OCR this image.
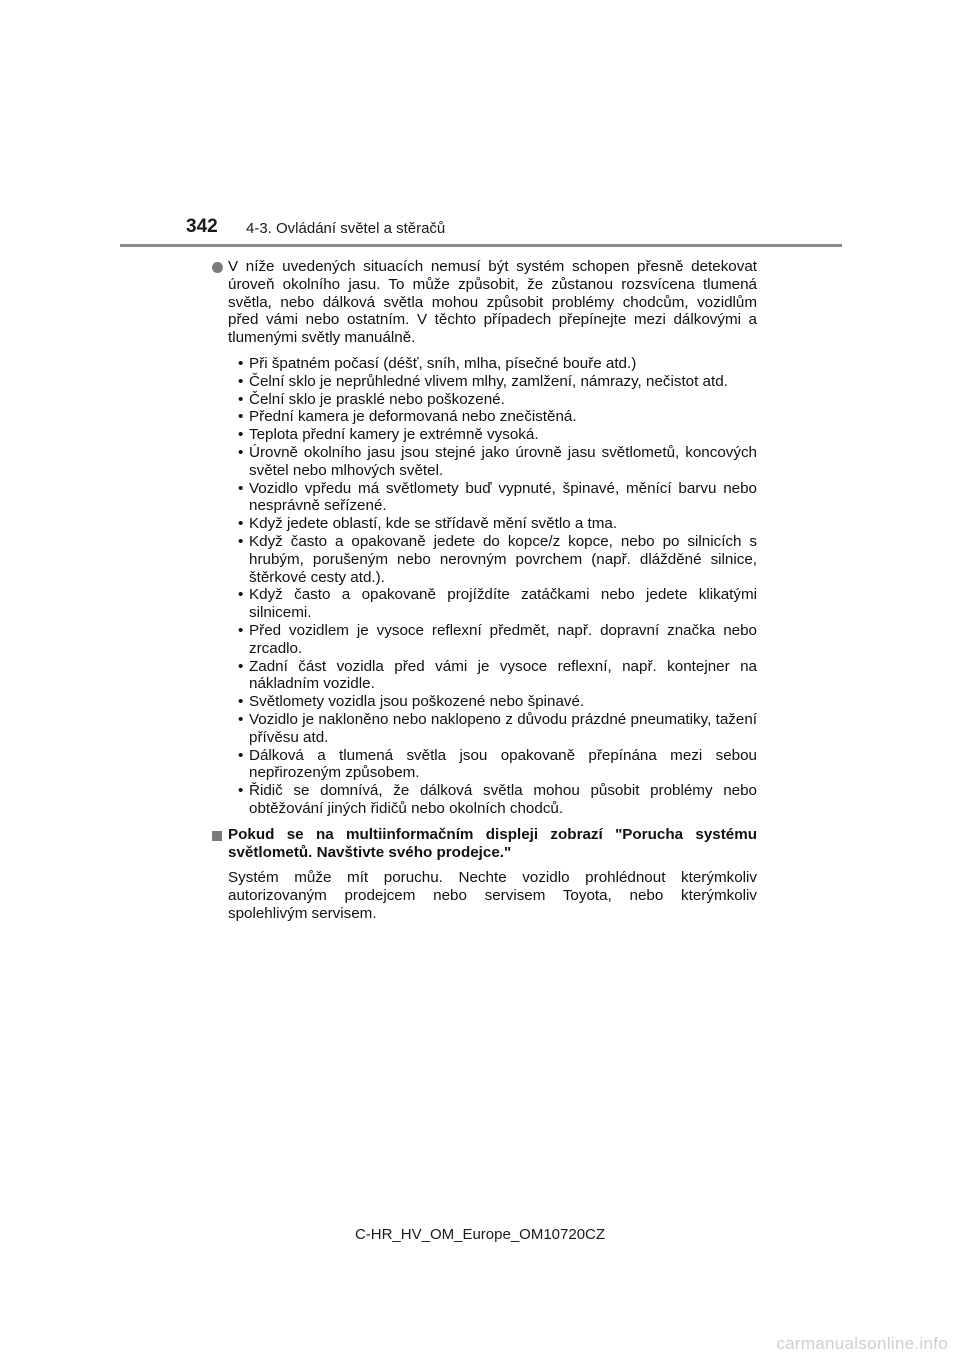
342 4-3. Ovládání světel a stěračů
V níže uvedených situacích nemusí být systém schopen přesně detekovat úroveň okolního jasu. To může způsobit, že zůstanou rozsvícena tlumená světla, nebo dálková světla mohou způsobit problémy chodcům, vozidlům před vámi nebo ostatním. V těchto případech přepínejte mezi dálkovými a tlumenými světly manuálně.
• Při špatném počasí (déšť, sníh, mlha, písečné bouře atd.)
• Čelní sklo je neprůhledné vlivem mlhy, zamlžení, námrazy, nečistot atd.
• Čelní sklo je prasklé nebo poškozené.
• Přední kamera je deformovaná nebo znečistěná.
• Teplota přední kamery je extrémně vysoká.
• Úrovně okolního jasu jsou stejné jako úrovně jasu světlometů, koncových světel nebo mlhových světel.
• Vozidlo vpředu má světlomety buď vypnuté, špinavé, měnící barvu nebo nesprávně seřízené.
• Když jedete oblastí, kde se střídavě mění světlo a tma.
• Když často a opakovaně jedete do kopce/z kopce, nebo po silnicích s hrubým, porušeným nebo nerovným povrchem (např. dlážděné silnice, štěrkové cesty atd.).
• Když často a opakovaně projíždíte zatáčkami nebo jedete klikatými silnicemi.
• Před vozidlem je vysoce reflexní předmět, např. dopravní značka nebo zrcadlo.
• Zadní část vozidla před vámi je vysoce reflexní, např. kontejner na nákladním vozidle.
• Světlomety vozidla jsou poškozené nebo špinavé.
• Vozidlo je nakloněno nebo naklopeno z důvodu prázdné pneumatiky, tažení přívěsu atd.
• Dálková a tlumená světla jsou opakovaně přepínána mezi sebou nepřirozeným způsobem.
• Řidič se domnívá, že dálková světla mohou působit problémy nebo obtěžování jiných řidičů nebo okolních chodců.
Pokud se na multiinformačním displeji zobrazí "Porucha systému světlometů. Navštivte svého prodejce."
Systém může mít poruchu. Nechte vozidlo prohlédnout kterýmkoliv autorizovaným prodejcem nebo servisem Toyota, nebo kterýmkoliv spolehlivým servisem.
C-HR_HV_OM_Europe_OM10720CZ
carmanualsonline.info
